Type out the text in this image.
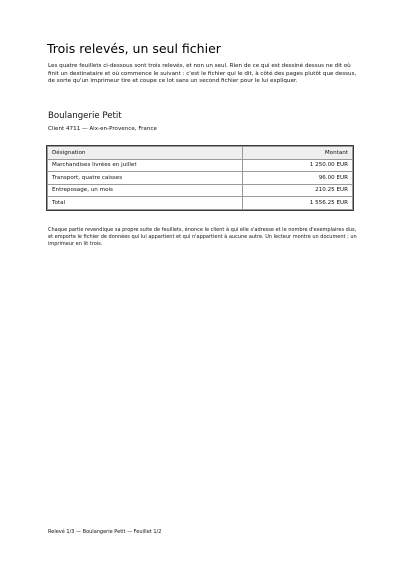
Trois relevés, un seul fichier

Les quatre feuillets ci-dessous sont trois relevés, et non un seul. Rien de ce qui est dessiné dessus ne dit où finit un destinataire et où commence le suivant : c'est le fichier qui le dit, à côté des pages plutôt que dessus, de sorte qu'un imprimeur tire et coupe ce lot sans un second fichier pour le lui expliquer.

Boulangerie Petit

Client 4711 — Aix-en-Provence, France

Désignation	Montant
Marchandises livrées en juillet	1 250.00 EUR
Transport, quatre caisses	96.00 EUR
Entreposage, un mois	210.25 EUR
Total	1 556.25 EUR

Chaque partie revendique sa propre suite de feuillets, énonce le client à qui elle s'adresse et le nombre d'exemplaires dus, et emporte le fichier de données qui lui appartient et qui n'appartient à aucune autre. Un lecteur montre un document ; un imprimeur en lit trois.

Relevé 1/3 — Boulangerie Petit — Feuillet 1/2
